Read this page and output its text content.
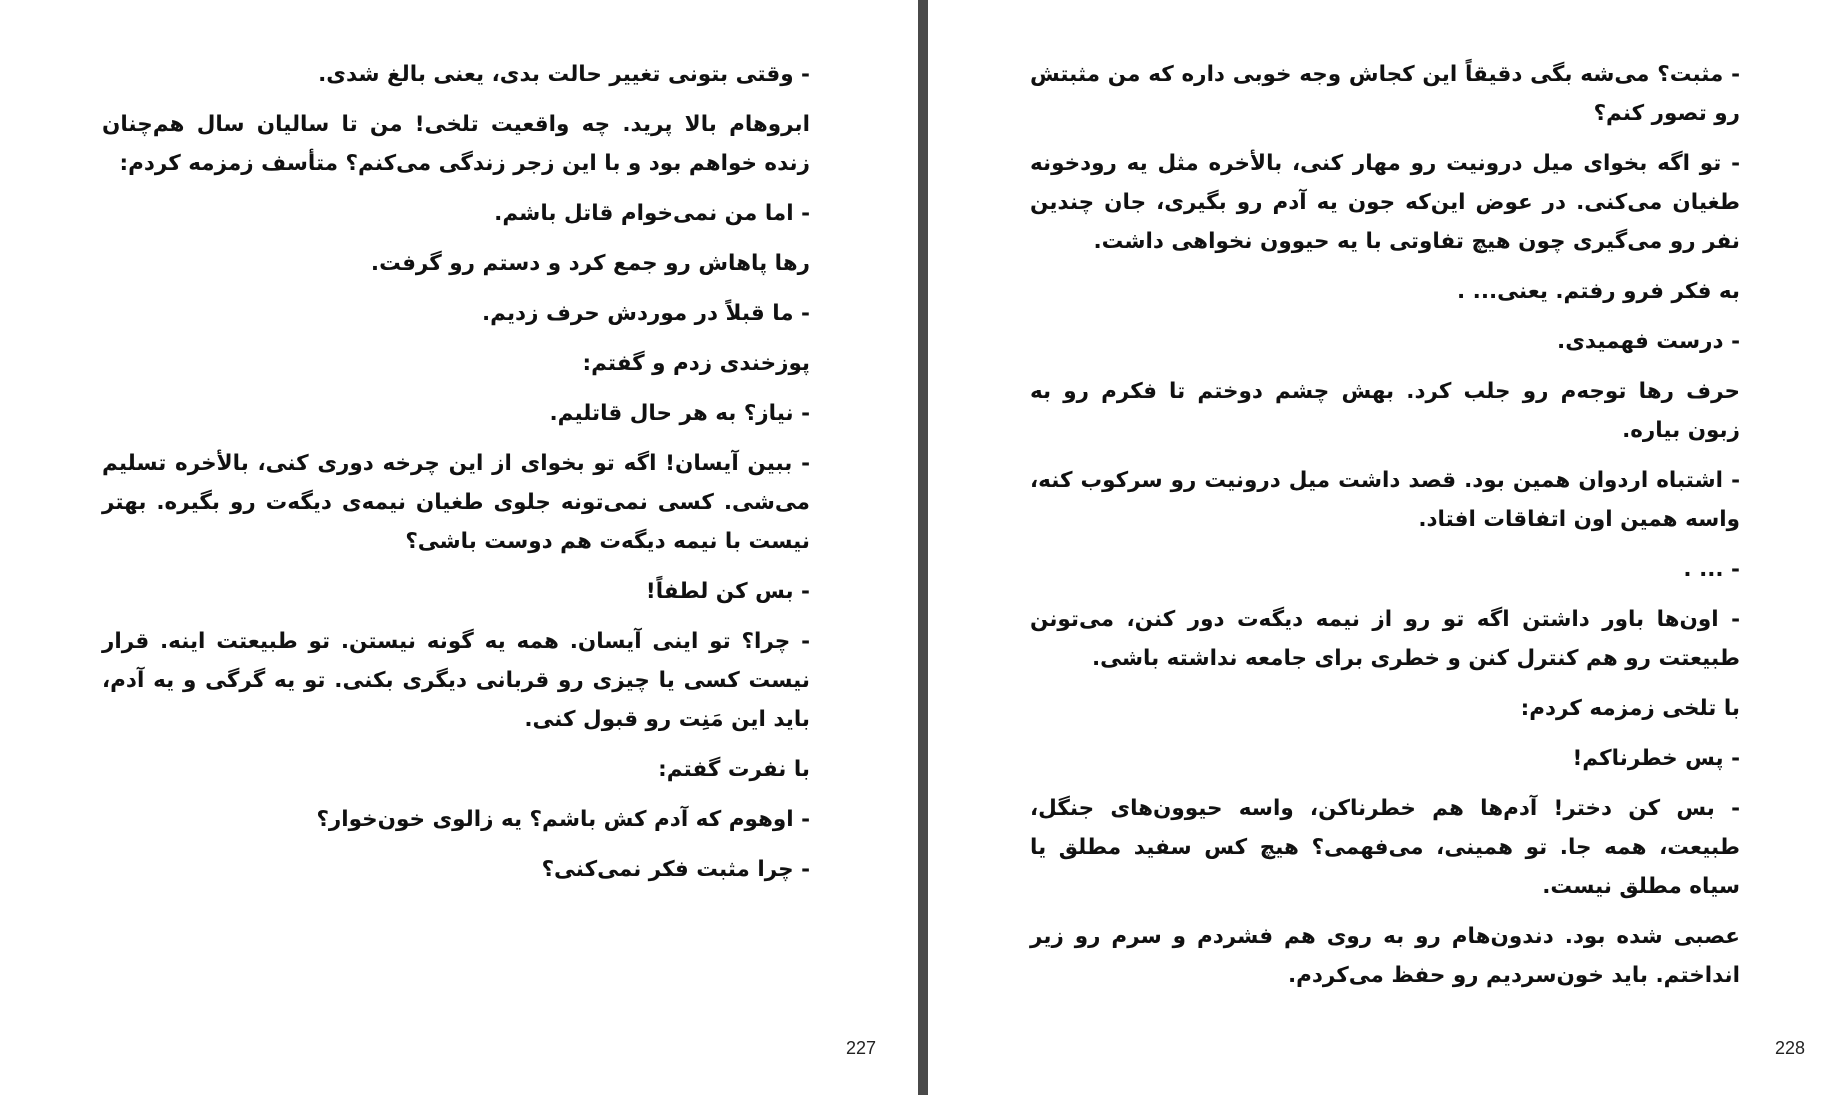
- وقتی بتونی تغییر حالت بدی، یعنی بالغ شدی.

ابروهام بالا پرید. چه واقعیت تلخی! من تا سالیان سال هم‌چنان زنده خواهم بود و با این زجر زندگی می‌کنم؟ متأسف زمزمه کردم:

- اما من نمی‌خوام قاتل باشم.

رها پاهاش رو جمع کرد و دستم رو گرفت.

- ما قبلاً در موردش حرف زدیم.

پوزخندی زدم و گفتم:

- نیاز؟ به هر حال قاتلیم.

- ببین آیسان! اگه تو بخوای از این چرخه دوری کنی، بالأخره تسلیم می‌شی. کسی نمی‌تونه جلوی طغیان نیمه‌ی دیگه‌ت رو بگیره. بهتر نیست با نیمه دیگه‌ت هم دوست باشی؟

- بس کن لطفاً!

- چرا؟ تو اینی آیسان. همه یه گونه نیستن. تو طبیعتت اینه. قرار نیست کسی یا چیزی رو قربانی دیگری بکنی. تو یه گرگی و یه آدم، باید این مَنِت رو قبول کنی.

با نفرت گفتم:

- اوهوم که آدم کش باشم؟ یه زالوی خون‌خوار؟

- چرا مثبت فکر نمی‌کنی؟

227

- مثبت؟ می‌شه بگی دقیقاً این کجاش وجه خوبی داره که من مثبتش رو تصور کنم؟

- تو اگه بخوای میل درونیت رو مهار کنی، بالأخره مثل یه رودخونه طغیان می‌کنی. در عوض این‌که جون یه آدم رو بگیری، جان چندین نفر رو می‌گیری چون هیچ تفاوتی با یه حیوون نخواهی داشت.

به فکر فرو رفتم. یعنی... .

- درست فهمیدی.

حرف رها توجه‌م رو جلب کرد. بهش چشم دوختم تا فکرم رو به زبون بیاره.

- اشتباه اردوان همین بود. قصد داشت میل درونیت رو سرکوب کنه، واسه همین اون اتفاقات افتاد.

- ... .

- اون‌ها باور داشتن اگه تو رو از نیمه دیگه‌ت دور کنن، می‌تونن طبیعتت رو هم کنترل کنن و خطری برای جامعه نداشته باشی.

با تلخی زمزمه کردم:

- پس خطرناکم!

- بس کن دختر! آدم‌ها هم خطرناکن، واسه حیوون‌های جنگل، طبیعت، همه جا. تو همینی، می‌فهمی؟ هیچ کس سفید مطلق یا سیاه مطلق نیست.

عصبی شده بود. دندون‌هام رو به روی هم فشردم و سرم رو زیر انداختم. باید خون‌سردیم رو حفظ می‌کردم.

228
